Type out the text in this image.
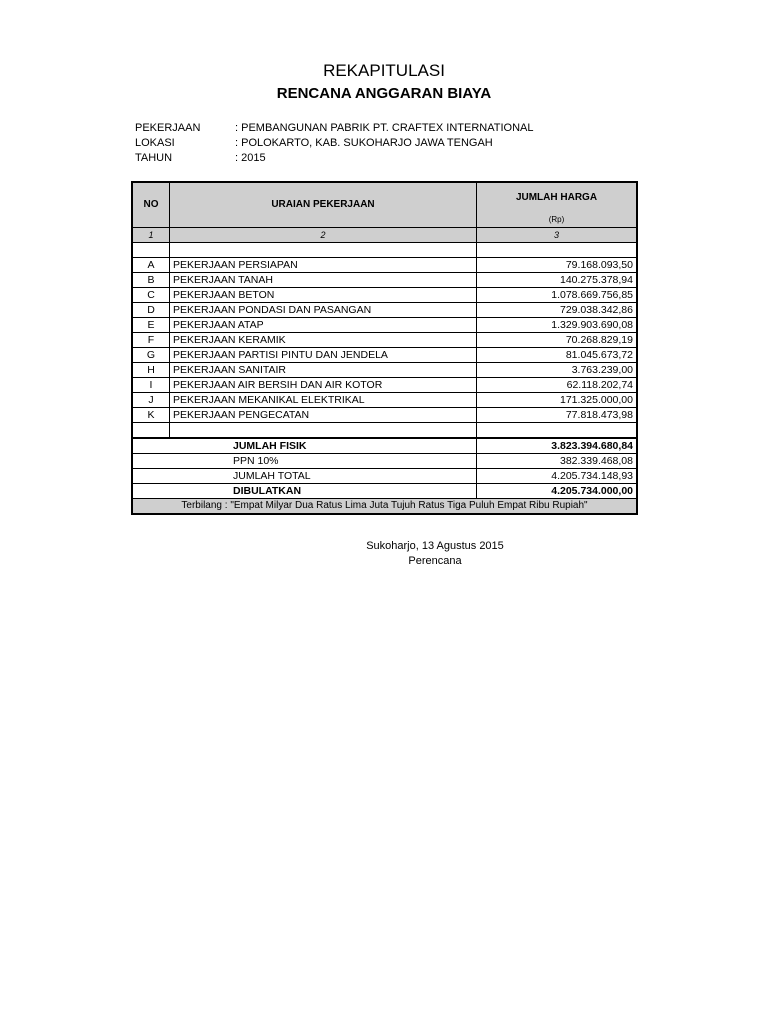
REKAPITULASI
RENCANA ANGGARAN BIAYA
PEKERJAAN	: PEMBANGUNAN PABRIK PT. CRAFTEX INTERNATIONAL
LOKASI	: POLOKARTO, KAB. SUKOHARJO JAWA TENGAH
TAHUN	: 2015
NO	URAIAN PEKERJAAN	JUMLAH HARGA
		(Rp)
1	2	3

A	PEKERJAAN PERSIAPAN	79.168.093,50
B	PEKERJAAN TANAH	140.275.378,94
C	PEKERJAAN BETON	1.078.669.756,85
D	PEKERJAAN PONDASI DAN PASANGAN	729.038.342,86
E	PEKERJAAN ATAP	1.329.903.690,08
F	PEKERJAAN KERAMIK	70.268.829,19
G	PEKERJAAN PARTISI PINTU DAN JENDELA	81.045.673,72
H	PEKERJAAN SANITAIR	3.763.239,00
I	PEKERJAAN AIR BERSIH DAN AIR KOTOR	62.118.202,74
J	PEKERJAAN MEKANIKAL ELEKTRIKAL	171.325.000,00
K	PEKERJAAN PENGECATAN	77.818.473,98

JUMLAH FISIK		3.823.394.680,84
PPN 10%		382.339.468,08
JUMLAH TOTAL		4.205.734.148,93
DIBULATKAN		4.205.734.000,00
Terbilang : "Empat Milyar Dua Ratus Lima Juta Tujuh Ratus Tiga Puluh Empat Ribu Rupiah"		
Sukoharjo, 13 Agustus 2015
Perencana
